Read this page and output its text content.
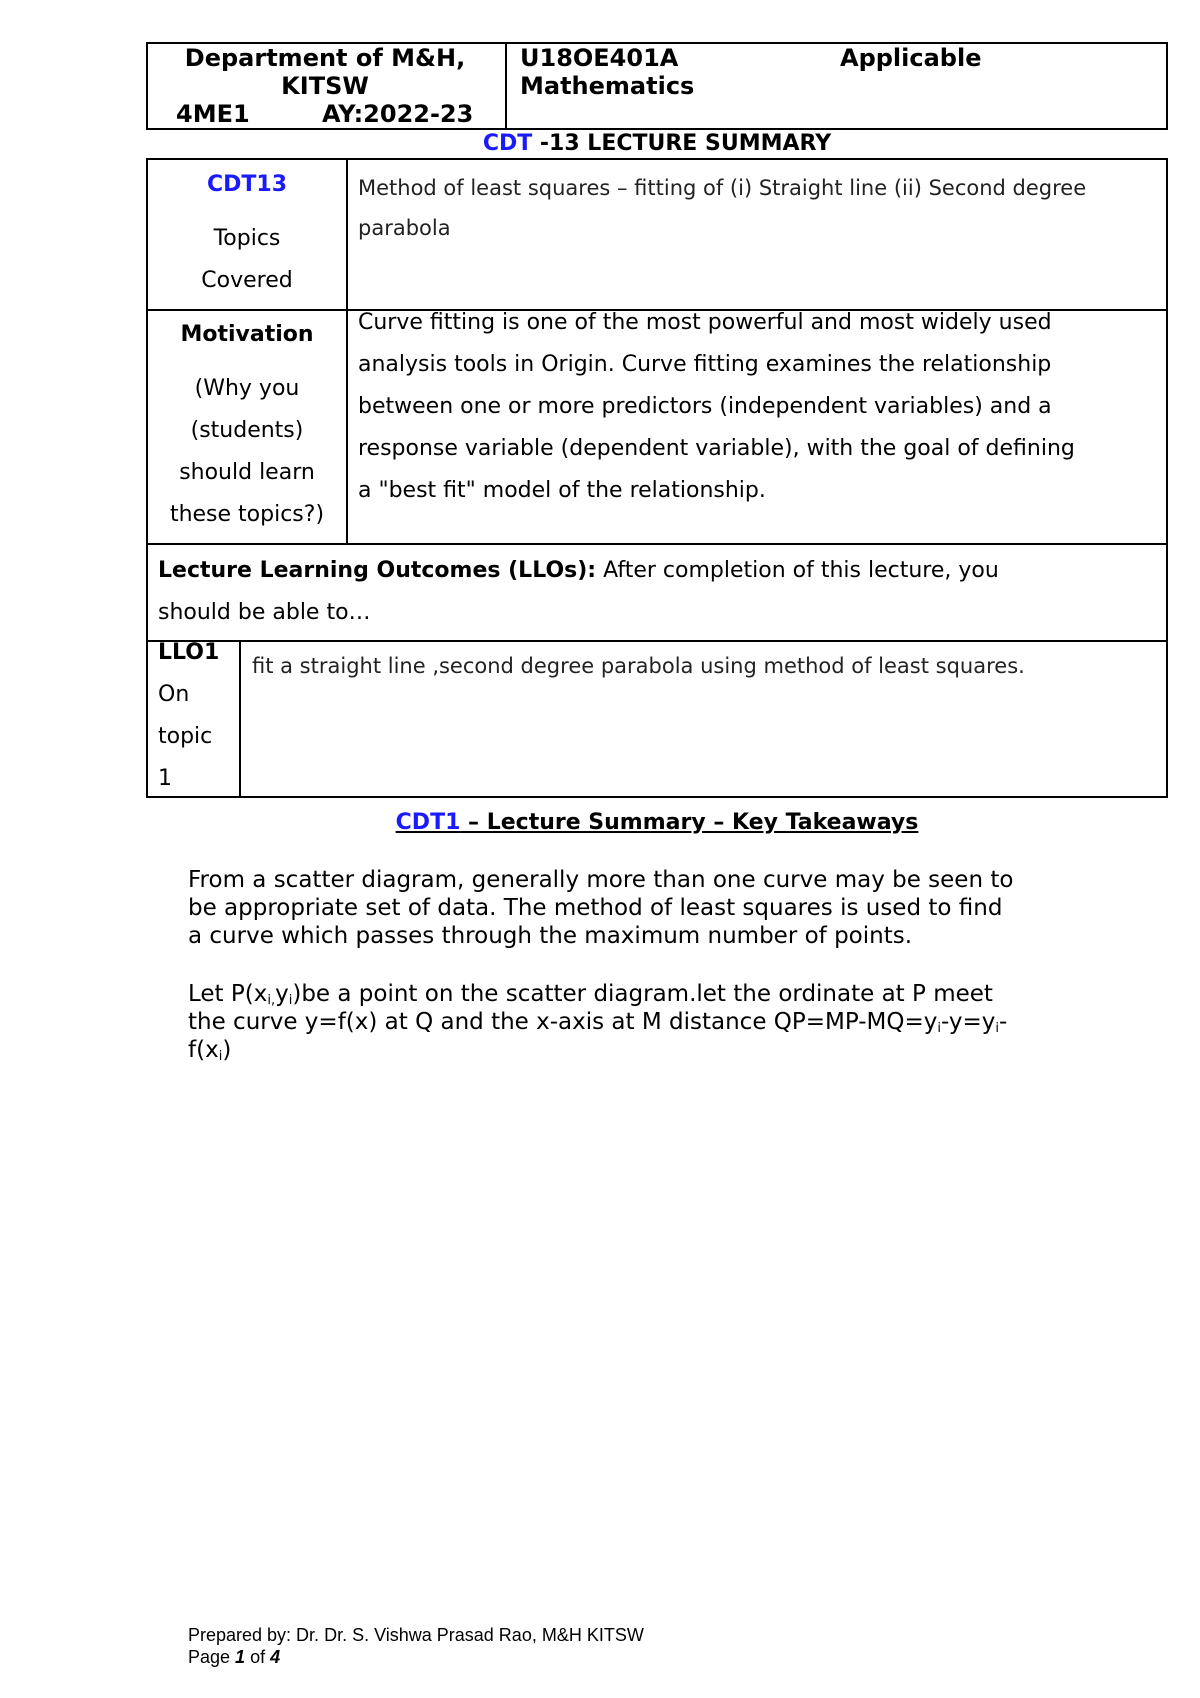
Department of M&H,
KITSW
4ME1	AY:2022-23
U18OE401A	Applicable
Mathematics
CDT -13 LECTURE SUMMARY
CDT13
Topics
Covered
Method of least squares – fitting of (i) Straight line (ii) Second degree
parabola
Motivation
(Why you
(students)
should learn
these topics?)
Curve fitting is one of the most powerful and most widely used
analysis tools in Origin. Curve fitting examines the relationship
between one or more predictors (independent variables) and a
response variable (dependent variable), with the goal of defining
a "best fit" model of the relationship.
Lecture Learning Outcomes (LLOs): After completion of this lecture, you
should be able to…
LLO1
On
topic
1
fit a straight line ,second degree parabola using method of least squares.
CDT1 – Lecture Summary – Key Takeaways
From a scatter diagram, generally more than one curve may be seen to
be appropriate set of data. The method of least squares is used to find
a curve which passes through the maximum number of points.
Let $P(x_{i,}y_i)be$ a point on the scatter diagram.let the ordinate at P meet
the curve y=f(x) at Q and the x-axis at M distance $QP=MP-MQ=y_i-y=y_i-$
$f(x_i)$
Prepared by: Dr. Dr. S. Vishwa Prasad Rao, M&H KITSW
Page 1 of 4
